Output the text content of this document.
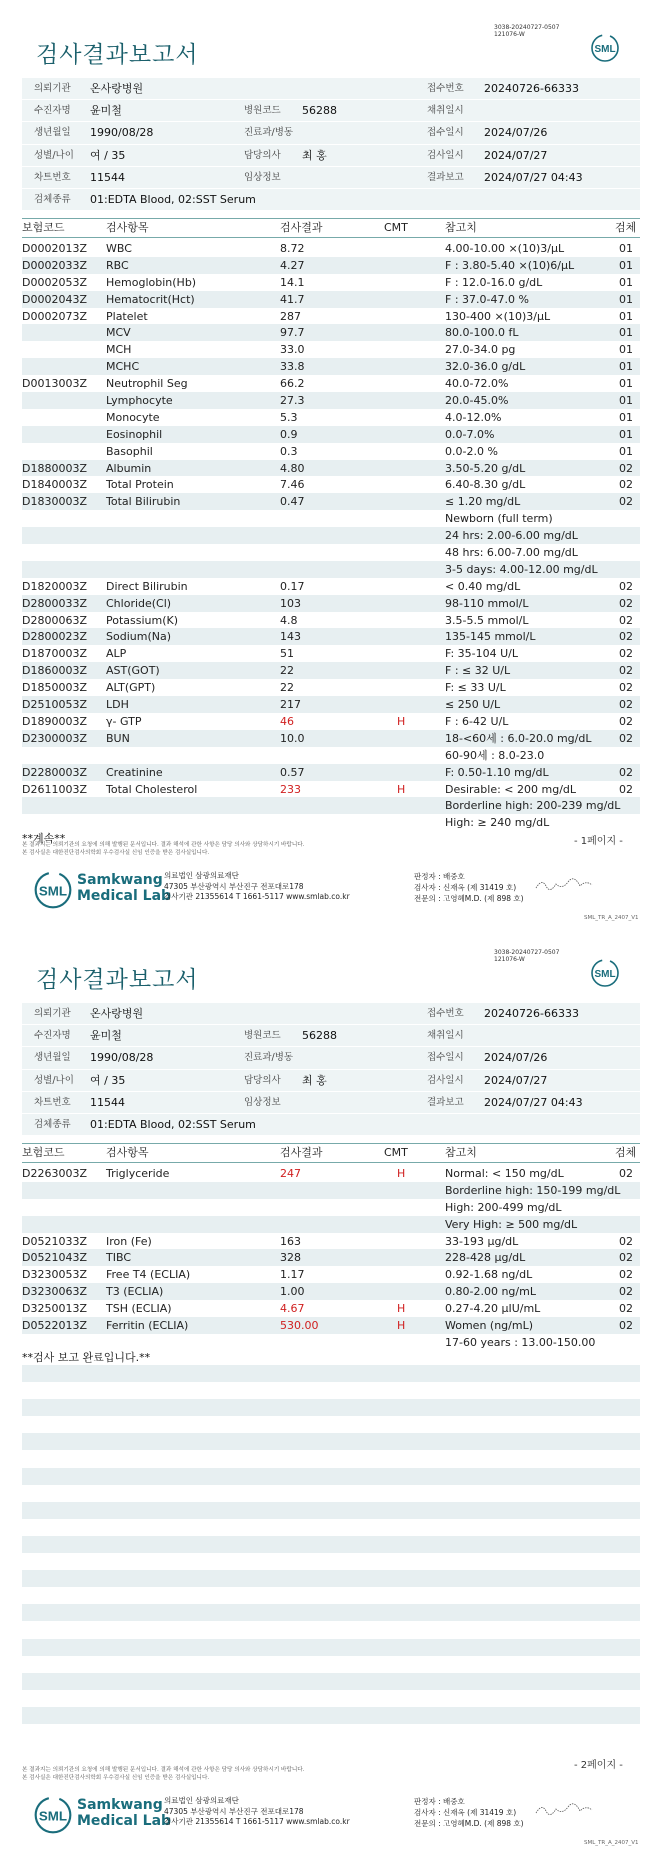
3038-20240727-0507
121076-W
검사결과보고서	SML
의뢰기관 온사랑병원	접수번호 20240726-66333
수진자명 윤미철	병원코드 56288	채취일시
생년월일 1990/08/28	진료과/병동	접수일시 2024/07/26
성별/나이 여 / 35	담당의사 최 홍	검사일시 2024/07/27
차트번호 11544	임상정보	결과보고 2024/07/27 04:43
검체종류 01:EDTA Blood, 02:SST Serum
보험코드	검사항목	검사결과	CMT	참고치	검체
D0002013Z WBC	8.72	4.00-10.00 ×(10)3/μL	01
D0002033Z RBC	4.27	F : 3.80-5.40 ×(10)6/μL	01
D0002053Z Hemoglobin(Hb)	14.1	F : 12.0-16.0 g/dL	01
D0002043Z Hematocrit(Hct)	41.7	F : 37.0-47.0 %	01
D0002073Z Platelet	287	130-400 ×(10)3/μL	01
MCV	97.7	80.0-100.0 fL	01
MCH	33.0	27.0-34.0 pg	01
MCHC	33.8	32.0-36.0 g/dL	01
D0013003Z Neutrophil Seg	66.2	40.0-72.0%	01
Lymphocyte	27.3	20.0-45.0%	01
Monocyte	5.3	4.0-12.0%	01
Eosinophil	0.9	0.0-7.0%	01
Basophil	0.3	0.0-2.0 %	01
D1880003Z Albumin	4.80	3.50-5.20 g/dL	02
D1840003Z Total Protein	7.46	6.40-8.30 g/dL	02
D1830003Z Total Bilirubin	0.47	≤ 1.20 mg/dL	02
Newborn (full term)
24 hrs: 2.00-6.00 mg/dL
48 hrs: 6.00-7.00 mg/dL
3-5 days: 4.00-12.00 mg/dL
D1820003Z Direct Bilirubin	0.17	< 0.40 mg/dL	02
D2800033Z Chloride(Cl)	103	98-110 mmol/L	02
D2800063Z Potassium(K)	4.8	3.5-5.5 mmol/L	02
D2800023Z Sodium(Na)	143	135-145 mmol/L	02
D1870003Z ALP	51	F: 35-104 U/L	02
D1860003Z AST(GOT)	22	F : ≤ 32 U/L	02
D1850003Z ALT(GPT)	22	F: ≤ 33 U/L	02
D2510053Z LDH	217	≤ 250 U/L	02
D1890003Z γ- GTP	46	H	F : 6-42 U/L	02
D2300003Z BUN	10.0	18-<60세 : 6.0-20.0 mg/dL	02
60-90세 : 8.0-23.0
D2280003Z Creatinine	0.57	F: 0.50-1.10 mg/dL	02
D2611003Z Total Cholesterol	233	H	Desirable: < 200 mg/dL	02
Borderline high: 200-239 mg/dL
High: ≥ 240 mg/dL
**계속**	- 1페이지 -
본 결과지는 의뢰기관의 요청에 의해 발행된 문서입니다. 결과 해석에 관한 사항은 담당 의사와 상담하시기 바랍니다.
본 검사실은 대한진단검사의학회 우수검사실 신임 인증을 받은 검사실입니다.
SML
Samkwang
Medical Lab
의료법인 삼광의료재단
47305 부산광역시 부산진구 전포대로178
검사기관 21355614 T 1661-5117 www.smlab.co.kr
판정자 : 배중호
검사자 : 신재옥 (제 31419 호)
전문의 : 고영혜M.D. (제 898 호)
SML_TR_A_2407_V1
3038-20240727-0507
121076-W
검사결과보고서	SML
의뢰기관 온사랑병원	접수번호 20240726-66333
수진자명 윤미철	병원코드 56288	채취일시
생년월일 1990/08/28	진료과/병동	접수일시 2024/07/26
성별/나이 여 / 35	담당의사 최 홍	검사일시 2024/07/27
차트번호 11544	임상정보	결과보고 2024/07/27 04:43
검체종류 01:EDTA Blood, 02:SST Serum
보험코드	검사항목	검사결과	CMT	참고치	검체
D2263003Z Triglyceride	247	H	Normal: < 150 mg/dL	02
Borderline high: 150-199 mg/dL
High: 200-499 mg/dL
Very High: ≥ 500 mg/dL
D0521033Z Iron (Fe)	163	33-193 μg/dL	02
D0521043Z TIBC	328	228-428 μg/dL	02
D3230053Z Free T4 (ECLIA)	1.17	0.92-1.68 ng/dL	02
D3230063Z T3 (ECLIA)	1.00	0.80-2.00 ng/mL	02
D3250013Z TSH (ECLIA)	4.67	H	0.27-4.20 μIU/mL	02
D0522013Z Ferritin (ECLIA)	530.00	H	Women (ng/mL)	02
17-60 years : 13.00-150.00
**검사 보고 완료입니다.**
- 2페이지 -
본 결과지는 의뢰기관의 요청에 의해 발행된 문서입니다. 결과 해석에 관한 사항은 담당 의사와 상담하시기 바랍니다.
본 검사실은 대한진단검사의학회 우수검사실 신임 인증을 받은 검사실입니다.
SML
Samkwang
Medical Lab
의료법인 삼광의료재단
47305 부산광역시 부산진구 전포대로178
검사기관 21355614 T 1661-5117 www.smlab.co.kr
판정자 : 배중호
검사자 : 신재옥 (제 31419 호)
전문의 : 고영혜M.D. (제 898 호)
SML_TR_A_2407_V1
